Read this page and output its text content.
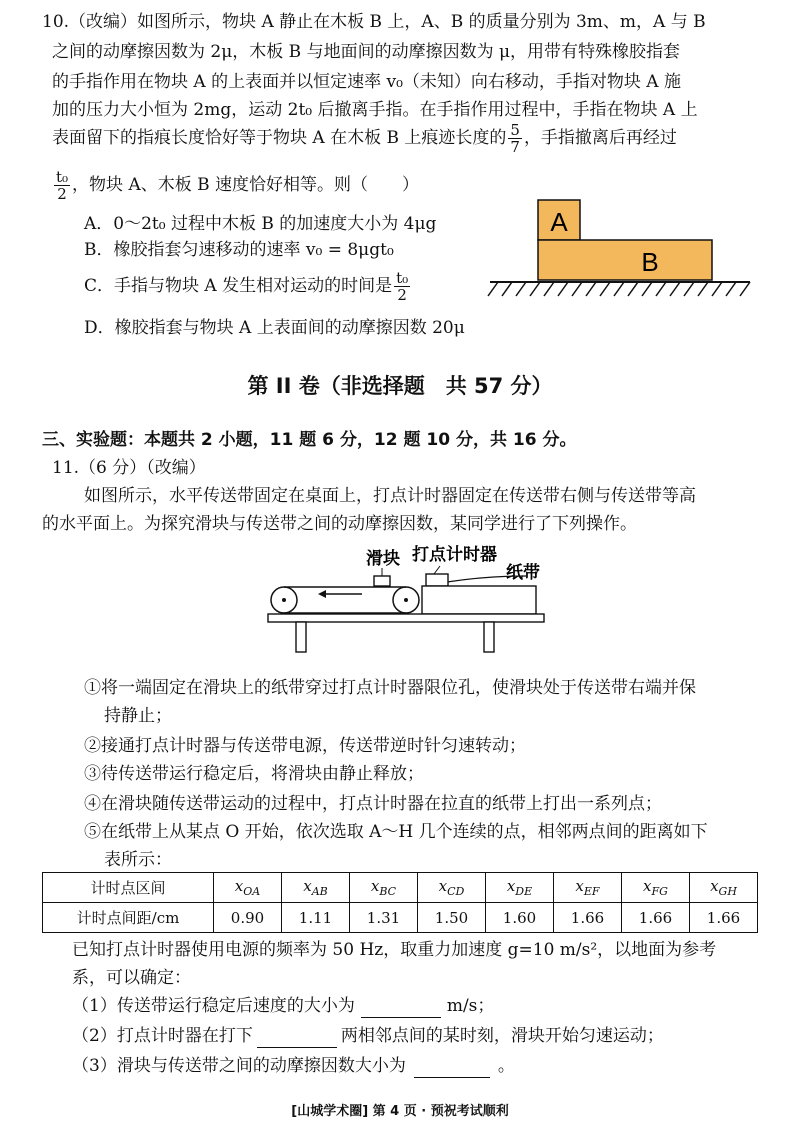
10.（改编）如图所示，物块 A 静止在木板 B 上，A、B 的质量分别为 3m、m，A 与 B
之间的动摩擦因数为 2μ，木板 B 与地面间的动摩擦因数为 μ，用带有特殊橡胶指套
的手指作用在物块 A 的上表面并以恒定速率 v₀（未知）向右移动，手指对物块 A 施
加的压力大小恒为 2mg，运动 2t₀ 后撤离手指。在手指作用过程中，手指在物块 A 上
表面留下的指痕长度恰好等于物块 A 在木板 B 上痕迹长度的 $\frac{5}{7}$ ，手指撤离后再经过
$\frac{\text{t₀}}{2}$ ，物块 A、木板 B 速度恰好相等。则（　　）
A．0～2t₀ 过程中木板 B 的加速度大小为 4μg
B．橡胶指套匀速移动的速率 v₀ = 8μgt₀
C．手指与物块 A 发生相对运动的时间是 $\frac{\text{t₀}}{2}$
D．橡胶指套与物块 A 上表面间的动摩擦因数 20μ
A
B
第 II 卷（非选择题　共 57 分）
三、实验题：本题共 2 小题，11 题 6 分，12 题 10 分，共 16 分。
11.（6 分）（改编）
如图所示，水平传送带固定在桌面上，打点计时器固定在传送带右侧与传送带等高
的水平面上。为探究滑块与传送带之间的动摩擦因数，某同学进行了下列操作。
滑块 打点计时器
纸带
①将一端固定在滑块上的纸带穿过打点计时器限位孔，使滑块处于传送带右端并保
持静止；
②接通打点计时器与传送带电源，传送带逆时针匀速转动；
③待传送带运行稳定后，将滑块由静止释放；
④在滑块随传送带运动的过程中，打点计时器在拉直的纸带上打出一系列点；
⑤在纸带上从某点 O 开始，依次选取 A～H 几个连续的点，相邻两点间的距离如下
表所示：
计时点区间	$x_{OA}$	$x_{AB}$	$x_{BC}$	$x_{CD}$	$x_{DE}$	$x_{EF}$	$x_{FG}$	$x_{GH}$
计时点间距/cm	0.90	1.11	1.31	1.50	1.60	1.66	1.66	1.66
已知打点计时器使用电源的频率为 50 Hz，取重力加速度 g=10 m/s²，以地面为参考
系，可以确定：
（1）传送带运行稳定后速度的大小为	m/s；
（2）打点计时器在打下	两相邻点间的某时刻，滑块开始匀速运动；
（3）滑块与传送带之间的动摩擦因数大小为	。
[山城学术圈] 第 4 页 · 预祝考试顺利
